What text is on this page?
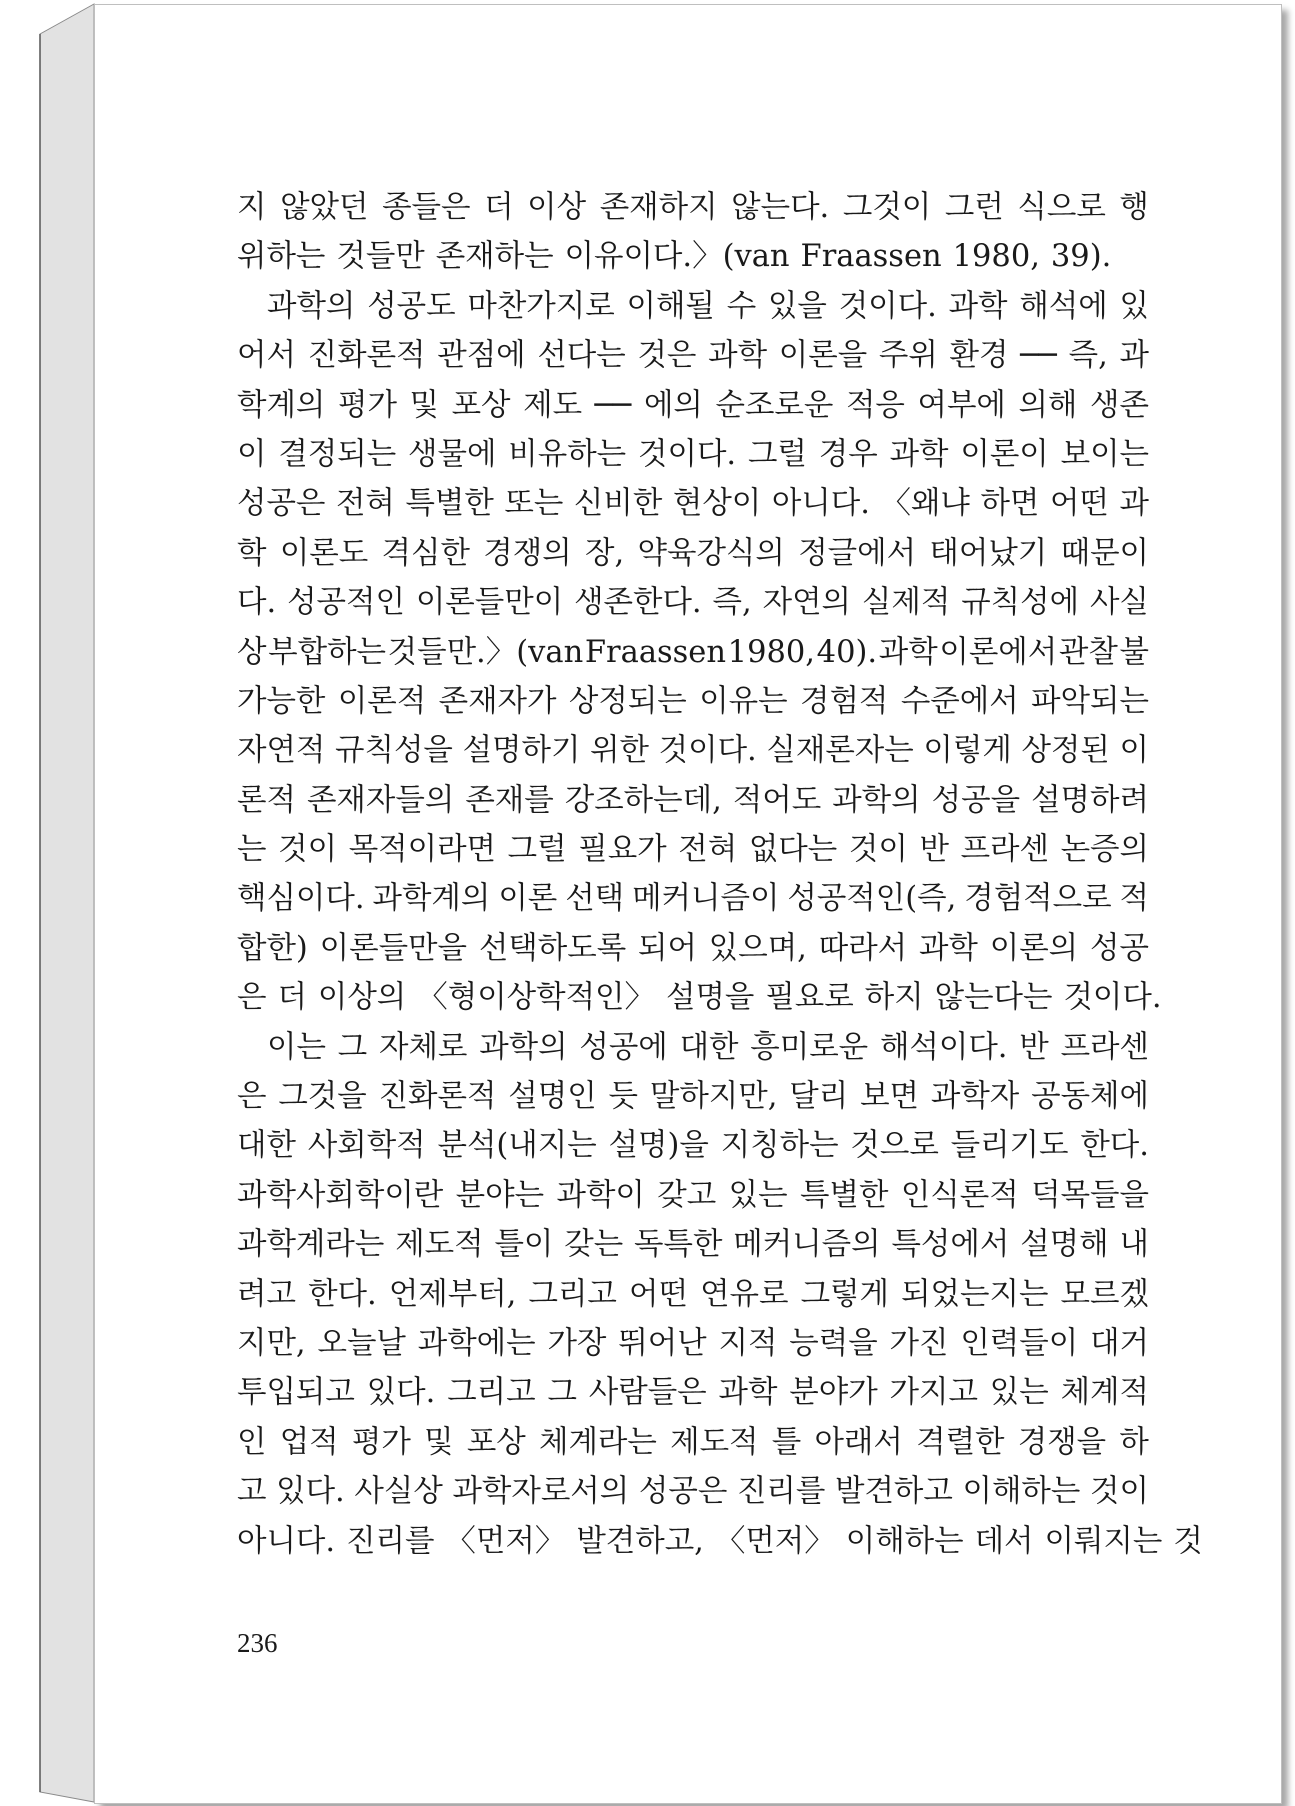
지 않았던 종들은 더 이상 존재하지 않는다. 그것이 그런 식으로 행
위하는 것들만 존재하는 이유이다.〉(van Fraassen 1980, 39).
과학의 성공도 마찬가지로 이해될 수 있을 것이다. 과학 해석에 있
어서 진화론적 관점에 선다는 것은 과학 이론을 주위 환경 ── 즉, 과
학계의 평가 및 포상 제도 ── 에의 순조로운 적응 여부에 의해 생존
이 결정되는 생물에 비유하는 것이다. 그럴 경우 과학 이론이 보이는
성공은 전혀 특별한 또는 신비한 현상이 아니다. 〈왜냐 하면 어떤 과
학 이론도 격심한 경쟁의 장, 약육강식의 정글에서 태어났기 때문이
다. 성공적인 이론들만이 생존한다. 즉, 자연의 실제적 규칙성에 사실
상 부합하는 것들만.〉(van Fraassen 1980, 40). 과학 이론에서 관찰 불
가능한 이론적 존재자가 상정되는 이유는 경험적 수준에서 파악되는
자연적 규칙성을 설명하기 위한 것이다. 실재론자는 이렇게 상정된 이
론적 존재자들의 존재를 강조하는데, 적어도 과학의 성공을 설명하려
는 것이 목적이라면 그럴 필요가 전혀 없다는 것이 반 프라센 논증의
핵심이다. 과학계의 이론 선택 메커니즘이 성공적인(즉, 경험적으로 적
합한) 이론들만을 선택하도록 되어 있으며, 따라서 과학 이론의 성공
은 더 이상의 〈형이상학적인〉 설명을 필요로 하지 않는다는 것이다.
이는 그 자체로 과학의 성공에 대한 흥미로운 해석이다. 반 프라센
은 그것을 진화론적 설명인 듯 말하지만, 달리 보면 과학자 공동체에
대한 사회학적 분석(내지는 설명)을 지칭하는 것으로 들리기도 한다.
과학사회학이란 분야는 과학이 갖고 있는 특별한 인식론적 덕목들을
과학계라는 제도적 틀이 갖는 독특한 메커니즘의 특성에서 설명해 내
려고 한다. 언제부터, 그리고 어떤 연유로 그렇게 되었는지는 모르겠
지만, 오늘날 과학에는 가장 뛰어난 지적 능력을 가진 인력들이 대거
투입되고 있다. 그리고 그 사람들은 과학 분야가 가지고 있는 체계적
인 업적 평가 및 포상 체계라는 제도적 틀 아래서 격렬한 경쟁을 하
고 있다. 사실상 과학자로서의 성공은 진리를 발견하고 이해하는 것이
아니다. 진리를 〈먼저〉 발견하고, 〈먼저〉 이해하는 데서 이뤄지는 것
236
